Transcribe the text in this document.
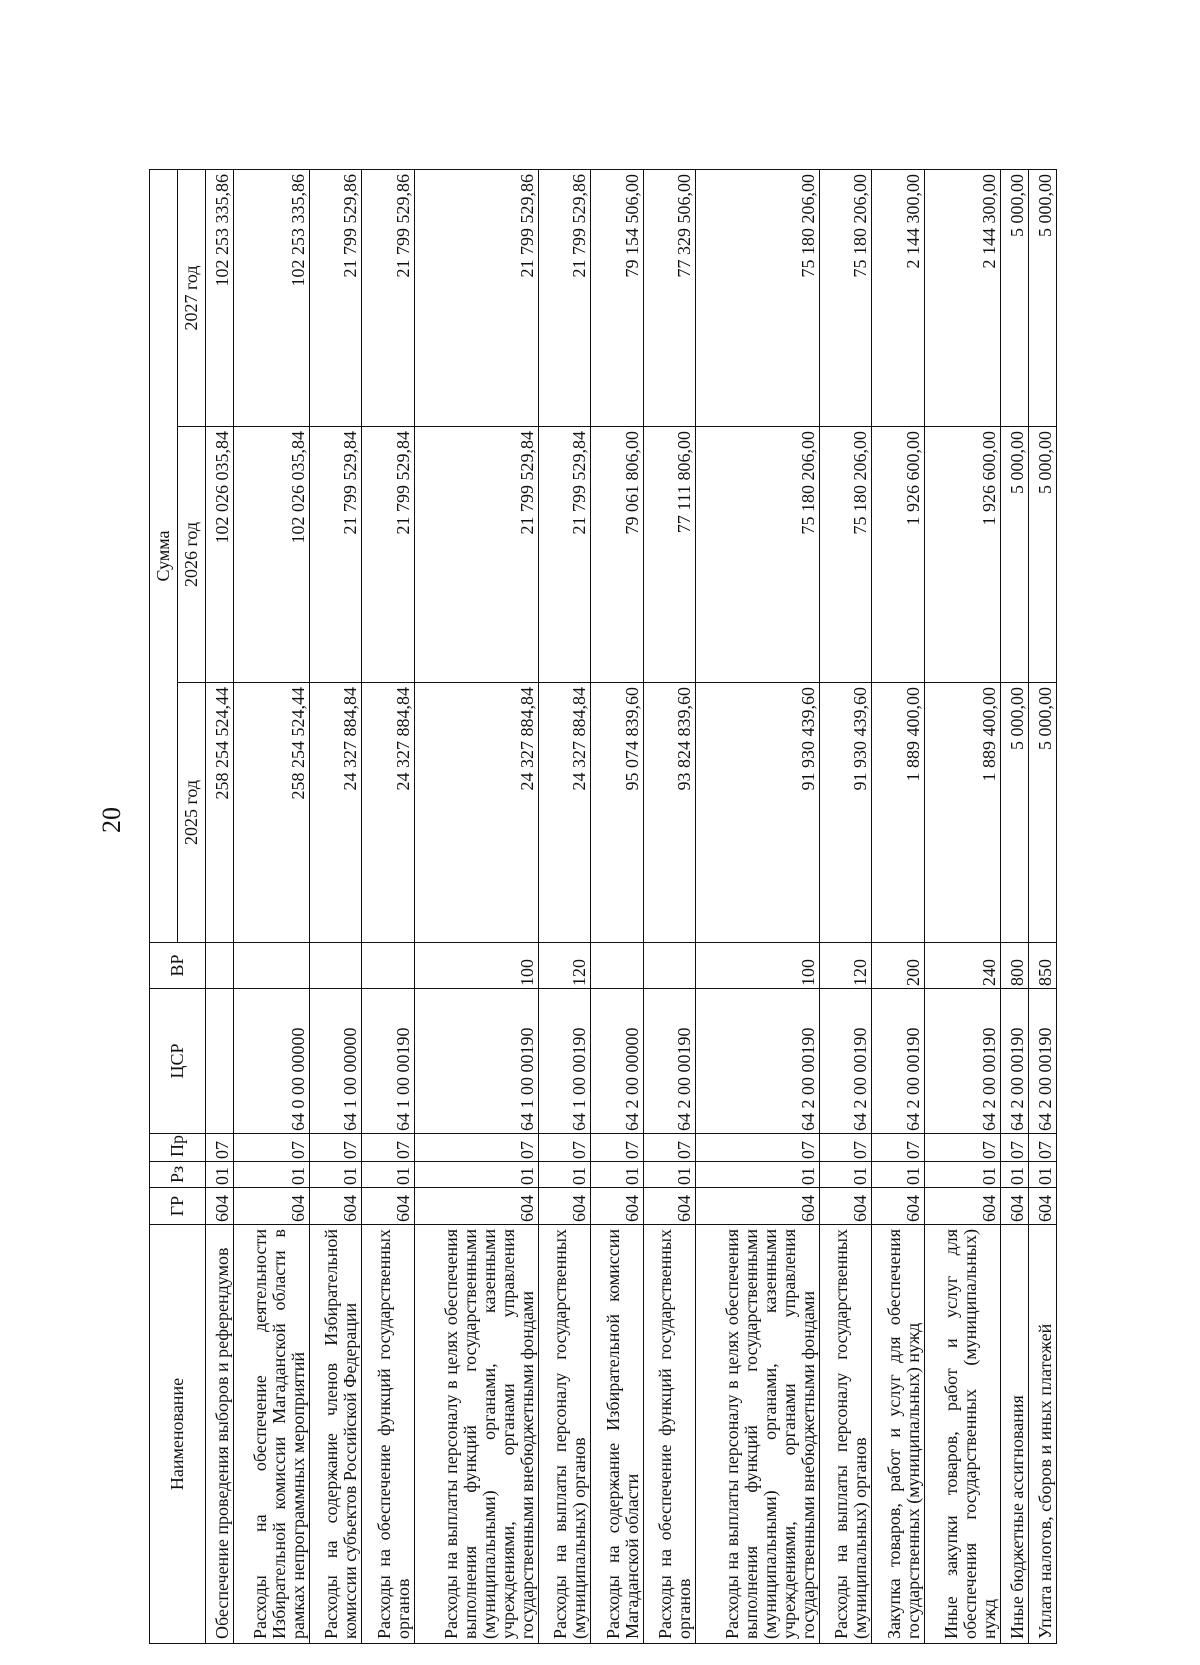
20
Наименование	ГР	Рз	Пр	ЦСР	ВР	Сумма		
						2025 год	2026 год	2027 год
Обеспечение проведения выборов и референдумов	604	01	07			258 254 524,44	102 026 035,84	102 253 335,86
Расходы на обеспечение деятельности Избирательной комиссии Магаданской области в рамках непрограммных мероприятий	604	01	07	64 0 00 00000		258 254 524,44	102 026 035,84	102 253 335,86
Расходы на содержание членов Избирательной комиссии субъектов Российской Федерации	604	01	07	64 1 00 00000		24 327 884,84	21 799 529,84	21 799 529,86
Расходы на обеспечение функций государственных органов	604	01	07	64 1 00 00190		24 327 884,84	21 799 529,84	21 799 529,86
Расходы на выплаты персоналу в целях обеспечения выполнения функций государственными (муниципальными) органами, казенными учреждениями, органами управления государственными внебюджетными фондами	604	01	07	64 1 00 00190	100	24 327 884,84	21 799 529,84	21 799 529,86
Расходы на выплаты персоналу государственных (муниципальных) органов	604	01	07	64 1 00 00190	120	24 327 884,84	21 799 529,84	21 799 529,86
Расходы на содержание Избирательной комиссии Магаданской области	604	01	07	64 2 00 00000		95 074 839,60	79 061 806,00	79 154 506,00
Расходы на обеспечение функций государственных органов	604	01	07	64 2 00 00190		93 824 839,60	77 111 806,00	77 329 506,00
Расходы на выплаты персоналу в целях обеспечения выполнения функций государственными (муниципальными) органами, казенными учреждениями, органами управления государственными внебюджетными фондами	604	01	07	64 2 00 00190	100	91 930 439,60	75 180 206,00	75 180 206,00
Расходы на выплаты персоналу государственных (муниципальных) органов	604	01	07	64 2 00 00190	120	91 930 439,60	75 180 206,00	75 180 206,00
Закупка товаров, работ и услуг для обеспечения государственных (муниципальных) нужд	604	01	07	64 2 00 00190	200	1 889 400,00	1 926 600,00	2 144 300,00
Иные закупки товаров, работ и услуг для обеспечения государственных (муниципальных) нужд	604	01	07	64 2 00 00190	240	1 889 400,00	1 926 600,00	2 144 300,00
Иные бюджетные ассигнования	604	01	07	64 2 00 00190	800	5 000,00	5 000,00	5 000,00
Уплата налогов, сборов и иных платежей	604	01	07	64 2 00 00190	850	5 000,00	5 000,00	5 000,00
